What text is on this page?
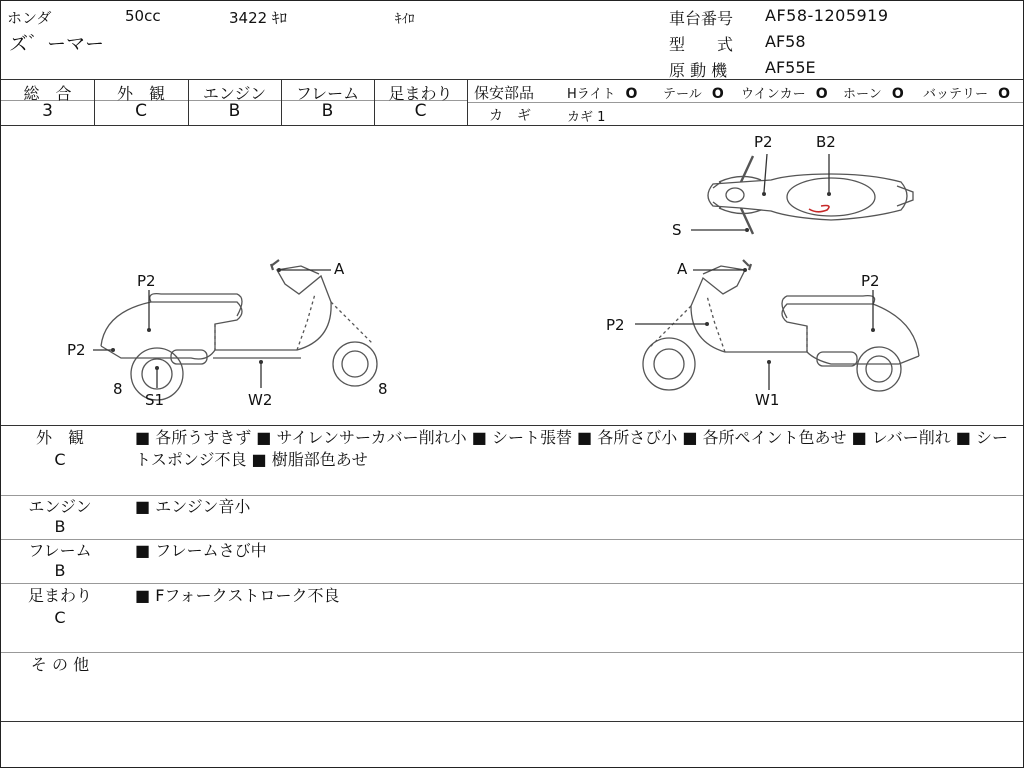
ホンダ	50cc	3422 ｷﾛ	ｷｲﾛ
ズ゛ーマー
車台番号 AF58-1205919
型　　式 AF58
原 動 機 AF55E
総　合
3
外　観
C
エンジン
B
フレーム
B
足まわり
C
保安部品	Hライト O テール O ウインカー O ホーン O バッテリー O
カ　ギ	カギ 1
P2	B2
S
A
P2
P2
8
S1	W2
8
A
P2
P2
W1
外　観
C
■ 各所うすきず ■ サイレンサーカバー削れ小 ■ シート張替 ■ 各所さび小 ■ 各所ペイント色あせ ■ レバー削れ ■ シートスポンジ不良 ■ 樹脂部色あせ
エンジン
B
■ エンジン音小
フレーム
B
■ フレームさび中
足まわり
C
■ Fフォークストローク不良
そ の 他
